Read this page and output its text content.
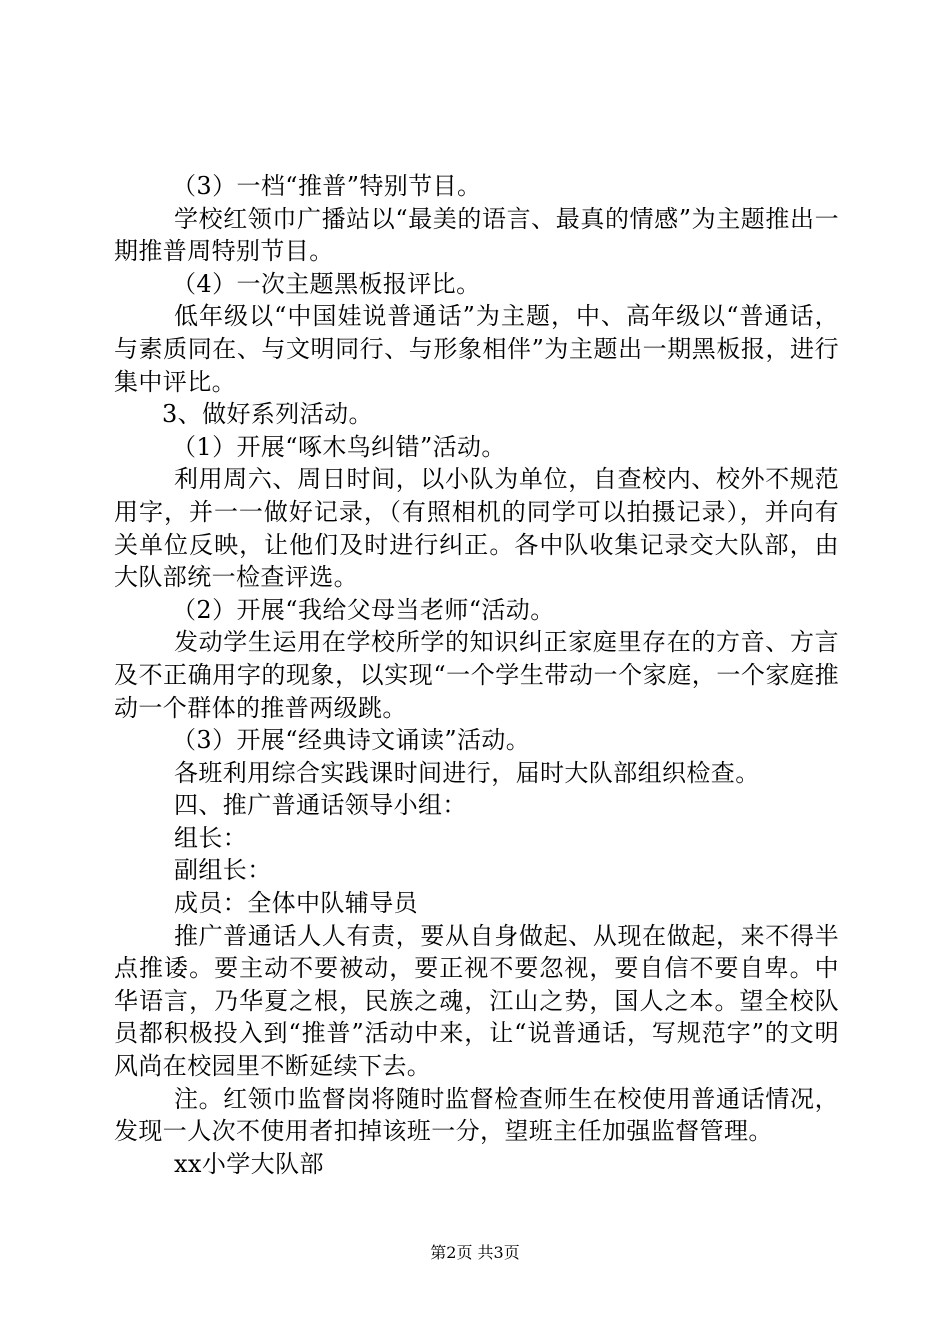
（3）一档“推普”特别节目。

学校红领巾广播站以“最美的语言、最真的情感”为主题推出一期推普周特别节目。

（4）一次主题黑板报评比。

低年级以“中国娃说普通话”为主题，中、高年级以“普通话，与素质同在、与文明同行、与形象相伴”为主题出一期黑板报，进行集中评比。

3、做好系列活动。

（1）开展“啄木鸟纠错”活动。

利用周六、周日时间，以小队为单位，自查校内、校外不规范用字，并一一做好记录，（有照相机的同学可以拍摄记录），并向有关单位反映，让他们及时进行纠正。各中队收集记录交大队部，由大队部统一检查评选。

（2）开展“我给父母当老师“活动。

发动学生运用在学校所学的知识纠正家庭里存在的方音、方言及不正确用字的现象，以实现“一个学生带动一个家庭，一个家庭推动一个群体的推普两级跳。

（3）开展“经典诗文诵读”活动。

各班利用综合实践课时间进行，届时大队部组织检查。

四、推广普通话领导小组：

组长：

副组长：

成员：全体中队辅导员

推广普通话人人有责，要从自身做起、从现在做起，来不得半点推诿。要主动不要被动，要正视不要忽视，要自信不要自卑。中华语言，乃华夏之根，民族之魂，江山之势，国人之本。望全校队员都积极投入到“推普”活动中来，让“说普通话，写规范字”的文明风尚在校园里不断延续下去。

注。红领巾监督岗将随时监督检查师生在校使用普通话情况，发现一人次不使用者扣掉该班一分，望班主任加强监督管理。

xx小学大队部

第2页 共3页
